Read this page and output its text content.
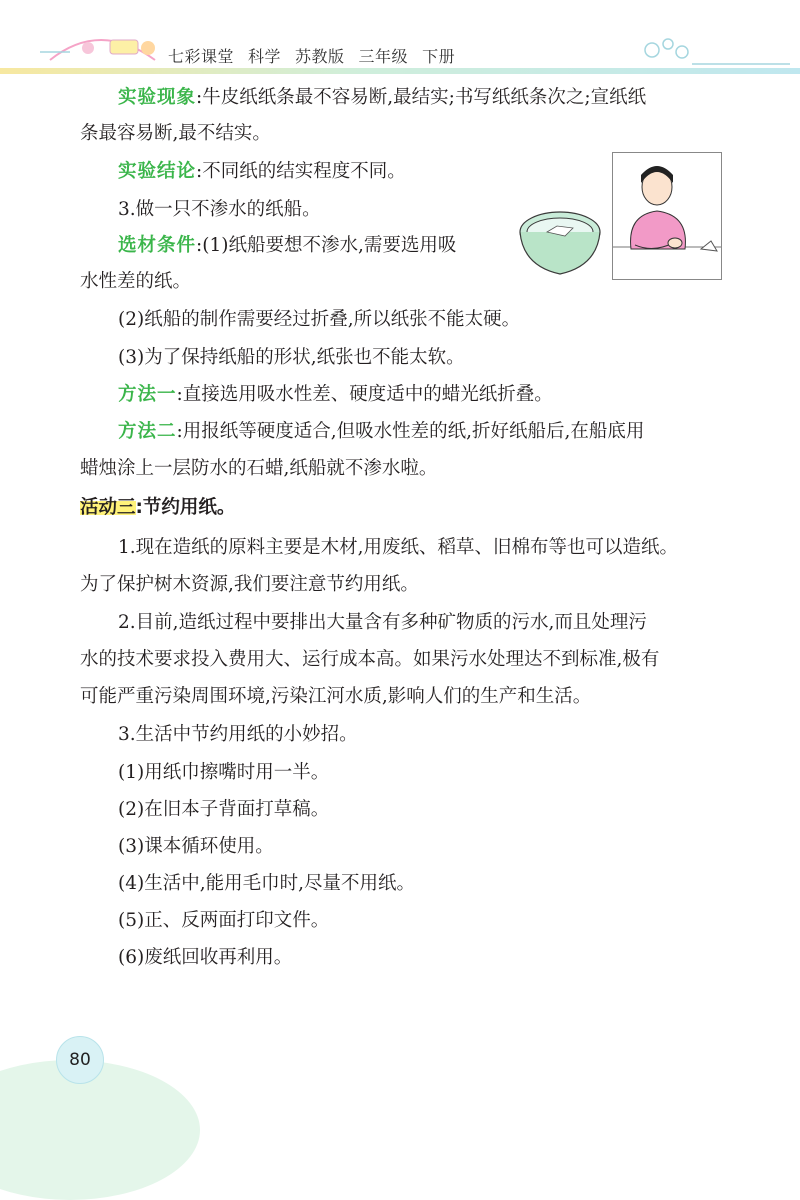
七彩课堂 科学 苏教版 三年级 下册

实验现象:牛皮纸纸条最不容易断,最结实;书写纸纸条次之;宣纸纸

条最容易断,最不结实。

实验结论:不同纸的结实程度不同。

3.做一只不渗水的纸船。

选材条件:(1)纸船要想不渗水,需要选用吸

水性差的纸。

(2)纸船的制作需要经过折叠,所以纸张不能太硬。

(3)为了保持纸船的形状,纸张也不能太软。

方法一:直接选用吸水性差、硬度适中的蜡光纸折叠。

方法二:用报纸等硬度适合,但吸水性差的纸,折好纸船后,在船底用

蜡烛涂上一层防水的石蜡,纸船就不渗水啦。

活动三:节约用纸。

1.现在造纸的原料主要是木材,用废纸、稻草、旧棉布等也可以造纸。

为了保护树木资源,我们要注意节约用纸。

2.目前,造纸过程中要排出大量含有多种矿物质的污水,而且处理污

水的技术要求投入费用大、运行成本高。如果污水处理达不到标准,极有

可能严重污染周围环境,污染江河水质,影响人们的生产和生活。

3.生活中节约用纸的小妙招。

(1)用纸巾擦嘴时用一半。

(2)在旧本子背面打草稿。

(3)课本循环使用。

(4)生活中,能用毛巾时,尽量不用纸。

(5)正、反两面打印文件。

(6)废纸回收再利用。

80
